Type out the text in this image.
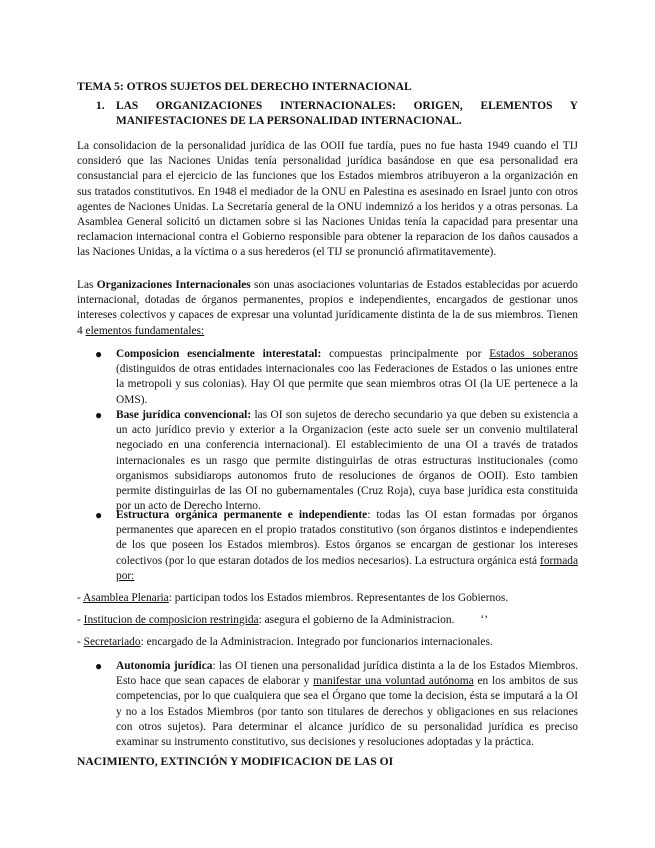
TEMA 5: OTROS SUJETOS DEL DERECHO INTERNACIONAL

1. LAS ORGANIZACIONES INTERNACIONALES: ORIGEN, ELEMENTOS Y MANIFESTACIONES DE LA PERSONALIDAD INTERNACIONAL.

La consolidacion de la personalidad jurídica de las OOII fue tardía, pues no fue hasta 1949 cuando el TIJ consideró que las Naciones Unidas tenía personalidad jurídica basándose en que esa personalidad era consustancial para el ejercicio de las funciones que los Estados miembros atribuyeron a la organización en sus tratados constitutivos. En 1948 el mediador de la ONU en Palestina es asesinado en Israel junto con otros agentes de Naciones Unidas. La Secretaría general de la ONU indemnizó a los heridos y a otras personas. La Asamblea General solicitó un dictamen sobre si las Naciones Unidas tenía la capacidad para presentar una reclamacion internacional contra el Gobierno responsible para obtener la reparacion de los daños causados a las Naciones Unidas, a la víctima o a sus herederos (el TIJ se pronunció afirmatitavemente).

Las Organizaciones Internacionales son unas asociaciones voluntarias de Estados establecidas por acuerdo internacional, dotadas de órganos permanentes, propios e independientes, encargados de gestionar unos intereses colectivos y capaces de expresar una voluntad jurídicamente distinta de la de sus miembros. Tienen 4 elementos fundamentales:

● Composicion esencialmente interestatal: compuestas principalmente por Estados soberanos (distinguidos de otras entidades internacionales coo las Federaciones de Estados o las uniones entre la metropoli y sus colonias). Hay OI que permite que sean miembros otras OI (la UE pertenece a la OMS).
● Base jurídica convencional: las OI son sujetos de derecho secundario ya que deben su existencia a un acto jurídico previo y exterior a la Organizacion (este acto suele ser un convenio multilateral negociado en una conferencia internacional). El establecimiento de una OI a través de tratados internacionales es un rasgo que permite distinguirlas de otras estructuras institucionales (como organismos subsidiarops autonomos fruto de resoluciones de órganos de OOII). Esto tambien permite distinguirlas de las OI no gubernamentales (Cruz Roja), cuya base jurídica esta constituida por un acto de Derecho Interno.
● Estructura orgánica permanente e independiente: todas las OI estan formadas por órganos permanentes que aparecen en el propio tratados constitutivo (son órganos distintos e independientes de los que poseen los Estados miembros). Estos órganos se encargan de gestionar los intereses colectivos (por lo que estaran dotados de los medios necesarios). La estructura orgánica está formada por:

- Asamblea Plenaria: participan todos los Estados miembros. Representantes de los Gobiernos.

- Institucion de composicion restringida: asegura el gobierno de la Administracion. ‘’

- Secretariado: encargado de la Administracion. Integrado por funcionarios internacionales.

● Autonomia jurídica: las OI tienen una personalidad jurídica distinta a la de los Estados Miembros. Esto hace que sean capaces de elaborar y manifestar una voluntad autónoma en los ambitos de sus competencias, por lo que cualquiera que sea el Órgano que tome la decision, ésta se imputará a la OI y no a los Estados Miembros (por tanto son titulares de derechos y obligaciones en sus relaciones con otros sujetos). Para determinar el alcance jurídico de su personalidad jurídica es preciso examinar su instrumento constitutivo, sus decisiones y resoluciones adoptadas y la práctica.

NACIMIENTO, EXTINCIÓN Y MODIFICACION DE LAS OI
